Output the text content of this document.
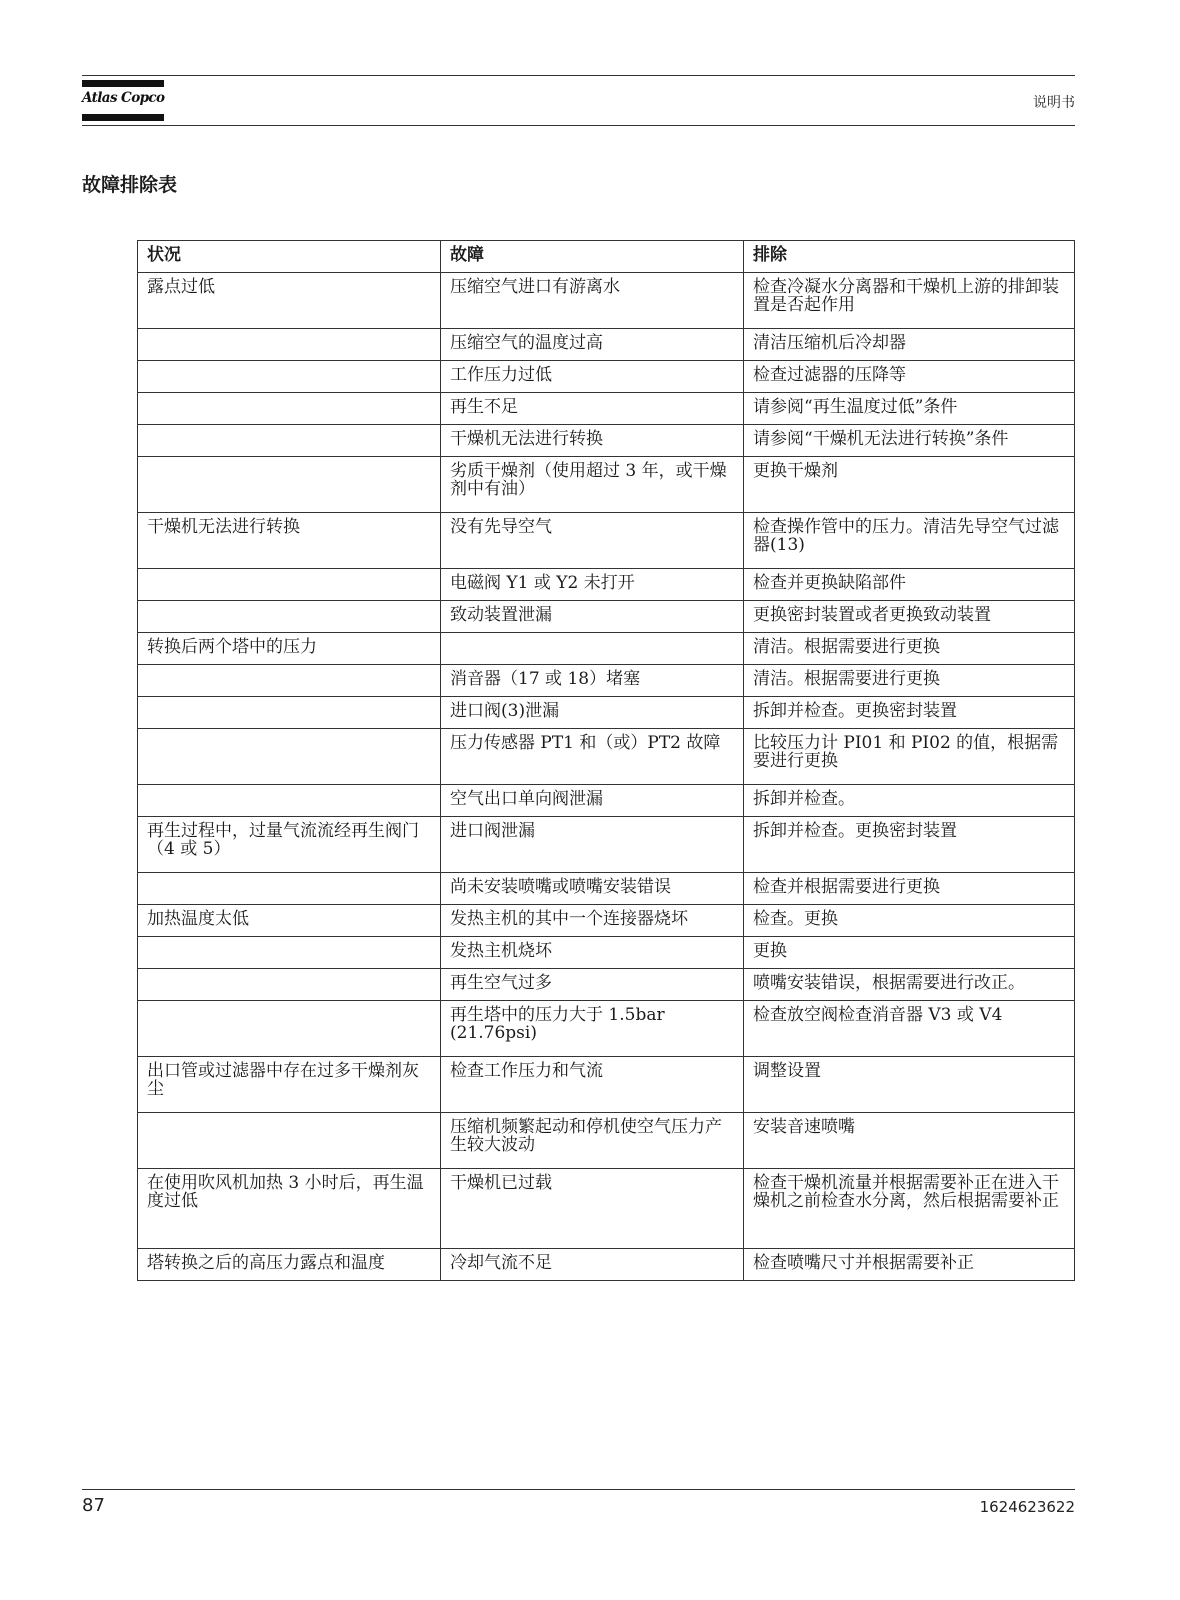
Atlas Copco	说明书
故障排除表
状况	故障	排除
露点过低	压缩空气进口有游离水	检查冷凝水分离器和干燥机上游的排卸装置是否起作用
	压缩空气的温度过高	清洁压缩机后冷却器
	工作压力过低	检查过滤器的压降等
	再生不足	请参阅“再生温度过低”条件
	干燥机无法进行转换	请参阅“干燥机无法进行转换”条件
	劣质干燥剂（使用超过 3 年，或干燥剂中有油）	更换干燥剂
干燥机无法进行转换	没有先导空气	检查操作管中的压力。清洁先导空气过滤器(13)
	电磁阀 Y1 或 Y2 未打开	检查并更换缺陷部件
	致动装置泄漏	更换密封装置或者更换致动装置
转换后两个塔中的压力		清洁。根据需要进行更换
	消音器（17 或 18）堵塞	清洁。根据需要进行更换
	进口阀(3)泄漏	拆卸并检查。更换密封装置
	压力传感器 PT1 和（或）PT2 故障	比较压力计 PI01 和 PI02 的值，根据需要进行更换
	空气出口单向阀泄漏	拆卸并检查。
再生过程中，过量气流流经再生阀门（4 或 5）	进口阀泄漏	拆卸并检查。更换密封装置
	尚未安装喷嘴或喷嘴安装错误	检查并根据需要进行更换
加热温度太低	发热主机的其中一个连接器烧坏	检查。更换
	发热主机烧坏	更换
	再生空气过多	喷嘴安装错误，根据需要进行改正。
	再生塔中的压力大于 1.5bar (21.76psi)	检查放空阀检查消音器 V3 或 V4
出口管或过滤器中存在过多干燥剂灰尘	检查工作压力和气流	调整设置
	压缩机频繁起动和停机使空气压力产生较大波动	安装音速喷嘴
在使用吹风机加热 3 小时后，再生温度过低	干燥机已过载	检查干燥机流量并根据需要补正在进入干燥机之前检查水分离，然后根据需要补正
塔转换之后的高压力露点和温度	冷却气流不足	检查喷嘴尺寸并根据需要补正
87	1624623622
